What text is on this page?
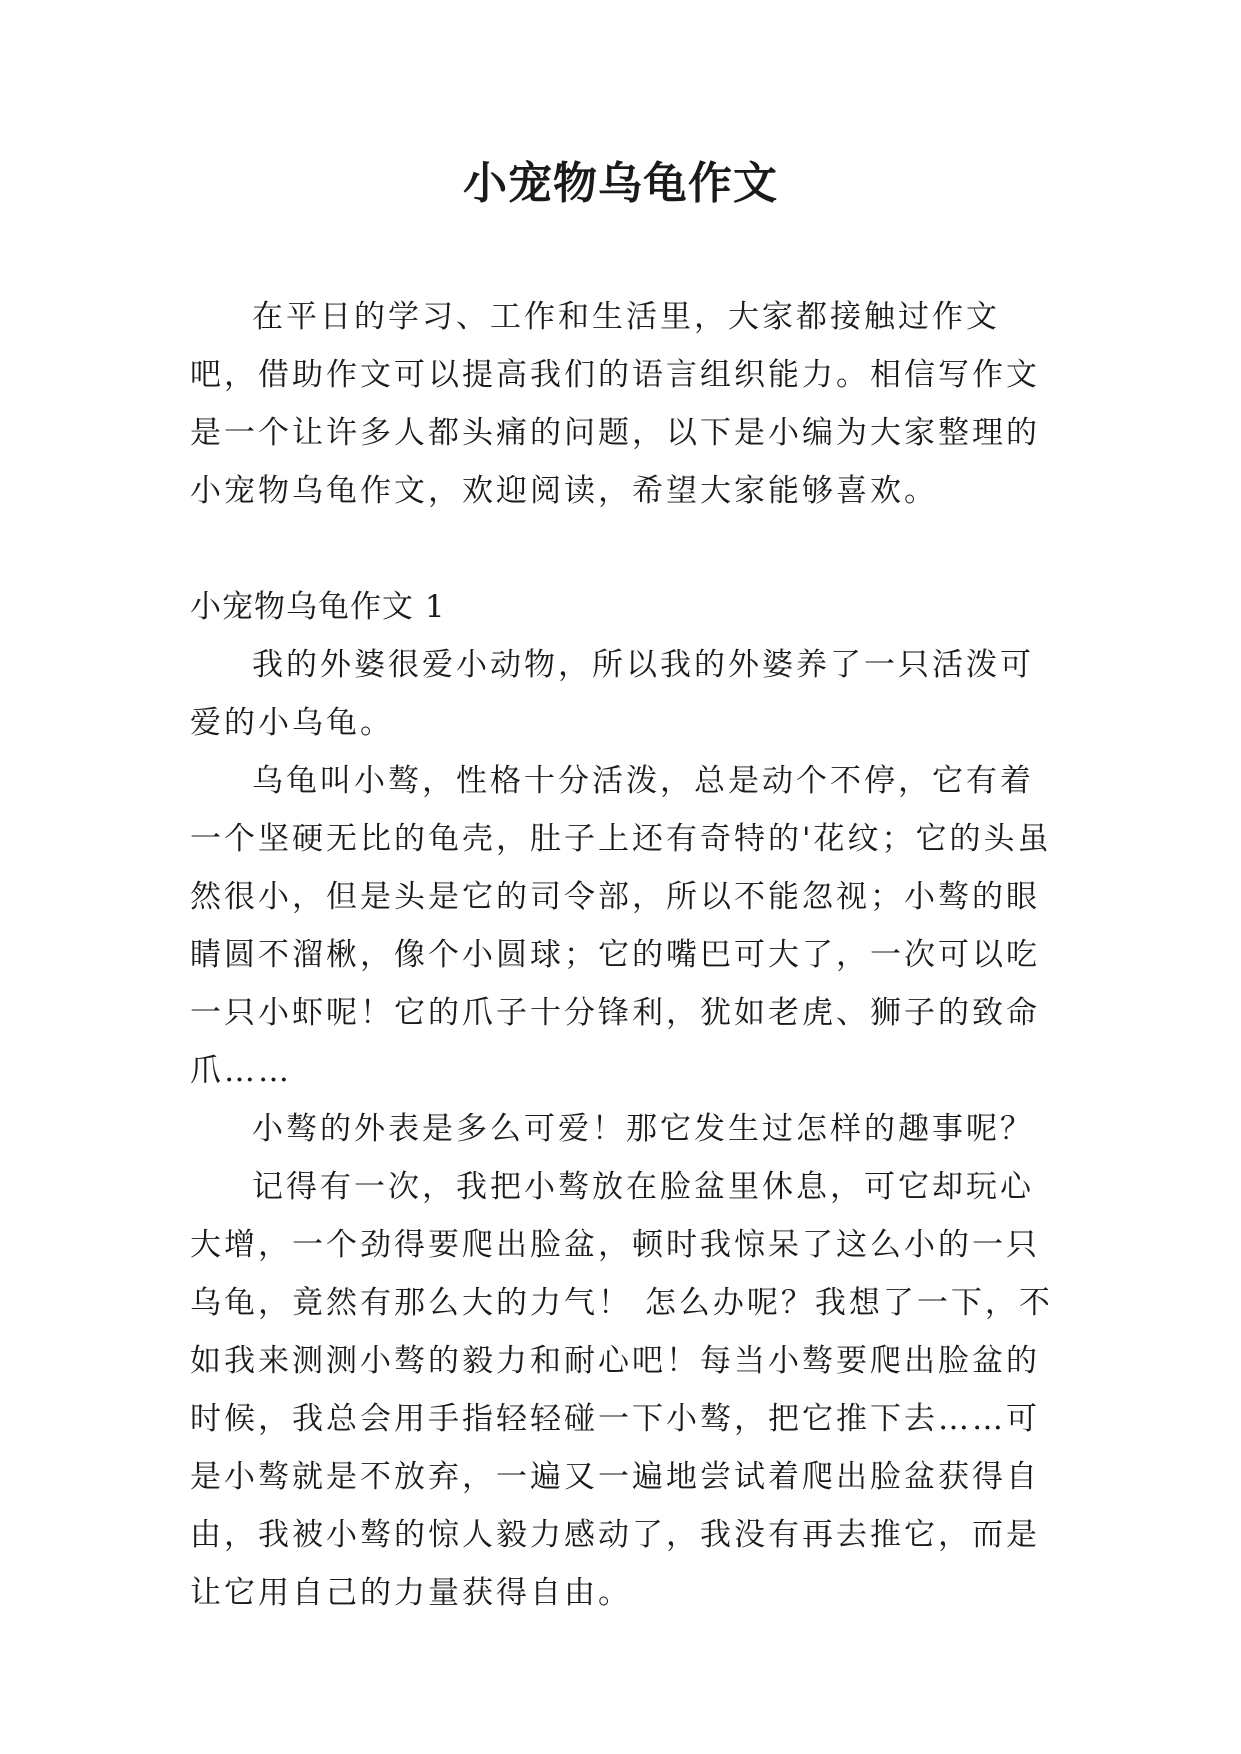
小宠物乌龟作文

在平日的学习、工作和生活里，大家都接触过作文吧，借助作文可以提高我们的语言组织能力。相信写作文是一个让许多人都头痛的问题，以下是小编为大家整理的小宠物乌龟作文，欢迎阅读，希望大家能够喜欢。

小宠物乌龟作文 1

我的外婆很爱小动物，所以我的外婆养了一只活泼可爱的小乌龟。

乌龟叫小骜，性格十分活泼，总是动个不停，它有着一个坚硬无比的龟壳，肚子上还有奇特的'花纹；它的头虽然很小，但是头是它的司令部，所以不能忽视；小骜的眼睛圆不溜楸，像个小圆球；它的嘴巴可大了，一次可以吃一只小虾呢！它的爪子十分锋利，犹如老虎、狮子的致命爪……

小骜的外表是多么可爱！那它发生过怎样的趣事呢？

记得有一次，我把小骜放在脸盆里休息，可它却玩心大增，一个劲得要爬出脸盆，顿时我惊呆了这么小的一只乌龟，竟然有那么大的力气！ 怎么办呢？我想了一下，不如我来测测小骜的毅力和耐心吧！每当小骜要爬出脸盆的时候，我总会用手指轻轻碰一下小骜，把它推下去……可是小骜就是不放弃，一遍又一遍地尝试着爬出脸盆获得自由，我被小骜的惊人毅力感动了，我没有再去推它，而是让它用自己的力量获得自由。
